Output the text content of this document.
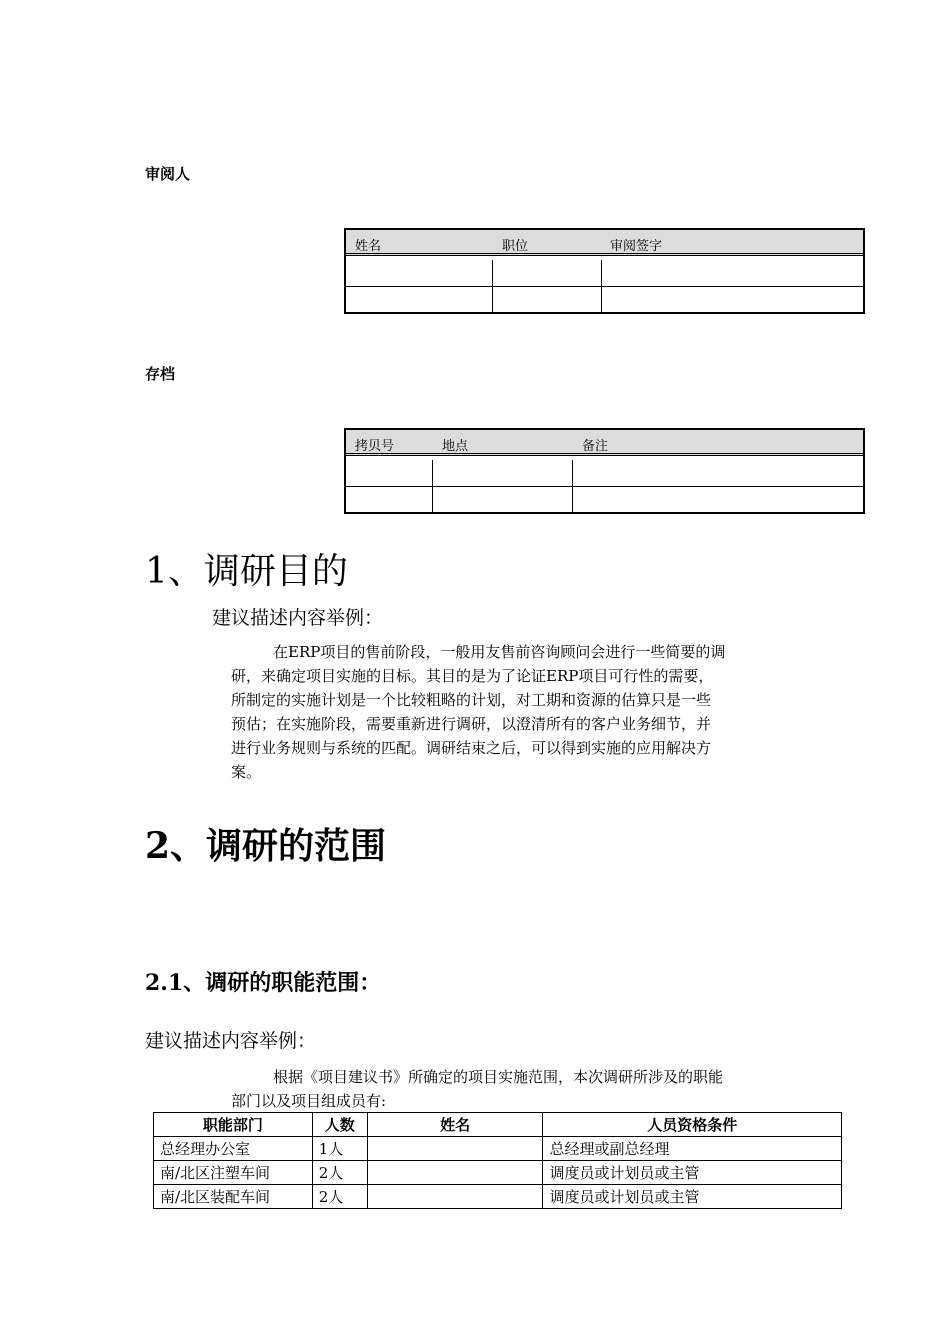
审阅人
姓名	职位	审阅签字
存档
拷贝号	地点	备注
1、调研目的
建议描述内容举例：
在ERP项目的售前阶段，一般用友售前咨询顾问会进行一些简要的调
研，来确定项目实施的目标。其目的是为了论证ERP项目可行性的需要，
所制定的实施计划是一个比较粗略的计划，对工期和资源的估算只是一些
预估；在实施阶段，需要重新进行调研，以澄清所有的客户业务细节，并
进行业务规则与系统的匹配。调研结束之后，可以得到实施的应用解决方
案。
2、调研的范围
2.1、调研的职能范围：
建议描述内容举例：
根据《项目建议书》所确定的项目实施范围，本次调研所涉及的职能
部门以及项目组成员有:
职能部门	人数	姓名	人员资格条件
总经理办公室	1人		总经理或副总经理
南/北区注塑车间	2人		调度员或计划员或主管
南/北区装配车间	2人		调度员或计划员或主管
